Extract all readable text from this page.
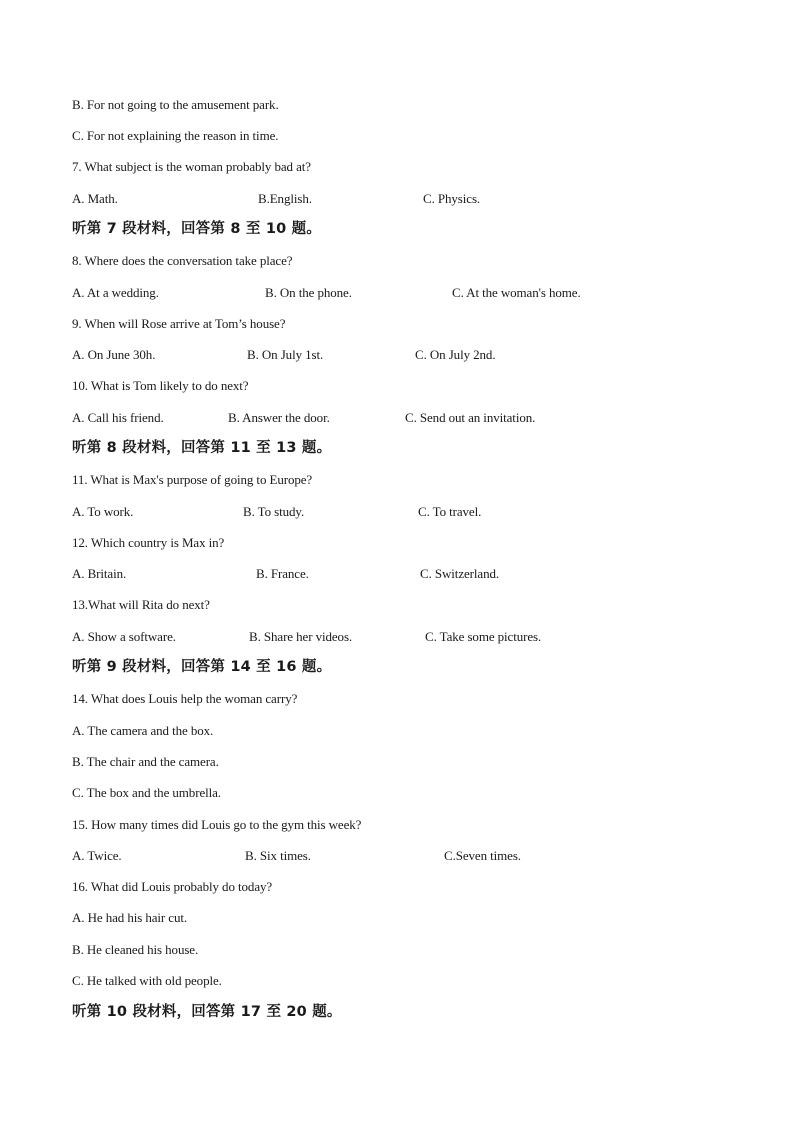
B. For not going to the amusement park.
C. For not explaining the reason in time.
7. What subject is the woman probably bad at?
A. Math.	B.English.	C. Physics.
听第 7 段材料，回答第 8 至 10 题。
8. Where does the conversation take place?
A. At a wedding.	B. On the phone.	C. At the woman's home.
9. When will Rose arrive at Tom’s house?
A. On June 30h.	B. On July 1st.	C. On July 2nd.
10. What is Tom likely to do next?
A. Call his friend.	B. Answer the door.	C. Send out an invitation.
听第 8 段材料，回答第 11 至 13 题。
11. What is Max's purpose of going to Europe?
A. To work.	B. To study.	C. To travel.
12. Which country is Max in?
A. Britain.	B. France.	C. Switzerland.
13.What will Rita do next?
A. Show a software.	B. Share her videos.	C. Take some pictures.
听第 9 段材料，回答第 14 至 16 题。
14. What does Louis help the woman carry?
A. The camera and the box.
B. The chair and the camera.
C. The box and the umbrella.
15. How many times did Louis go to the gym this week?
A. Twice.	B. Six times.	C.Seven times.
16. What did Louis probably do today?
A. He had his hair cut.
B. He cleaned his house.
C. He talked with old people.
听第 10 段材料，回答第 17 至 20 题。
